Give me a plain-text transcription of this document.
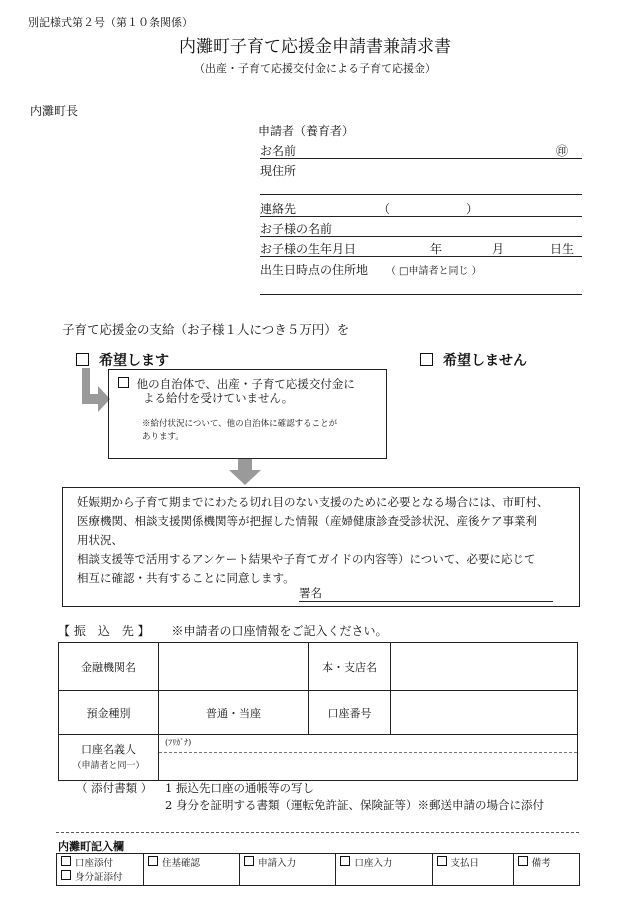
別記様式第２号（第１０条関係）
内灘町子育て応援金申請書兼請求書
（出産・子育て応援交付金による子育て応援金）
内灘町長
申請者（養育者）
お名前	㊞
現住所
連絡先	（	）
お子様の名前
お子様の生年月日	年	月	日生
出生日時点の住所地 （ □申請者と同じ ）
子育て応援金の支給（お子様１人につき５万円）を
希望します	希望しません
他の自治体で、出産・子育て応援交付金に
よる給付を受けていません。
※給付状況について、他の自治体に確認することが
あります。
妊娠期から子育て期までにわたる切れ目のない支援のために必要となる場合には、市町村、
医療機関、相談支援関係機関等が把握した情報（産婦健康診査受診状況、産後ケア事業利
用状況、
相談支援等で活用するアンケート結果や子育てガイドの内容等）について、必要に応じて
相互に確認・共有することに同意します。
署名
【 振　込　先 】 ※申請者の口座情報をご記入ください。
金融機関名		本・支店名	
預金種別	普通・当座	口座番号	

口座名義人
（申請者と同一）	(ﾌﾘｶﾞﾅ)		
（ 添付書類 ） 1 振込先口座の通帳等の写し
2 身分を証明する書類（運転免許証、保険証等）※郵送申請の場合に添付
内灘町記入欄
口座添付
身分証添付
	住基確認	申請入力	口座入力	支払日	備考
